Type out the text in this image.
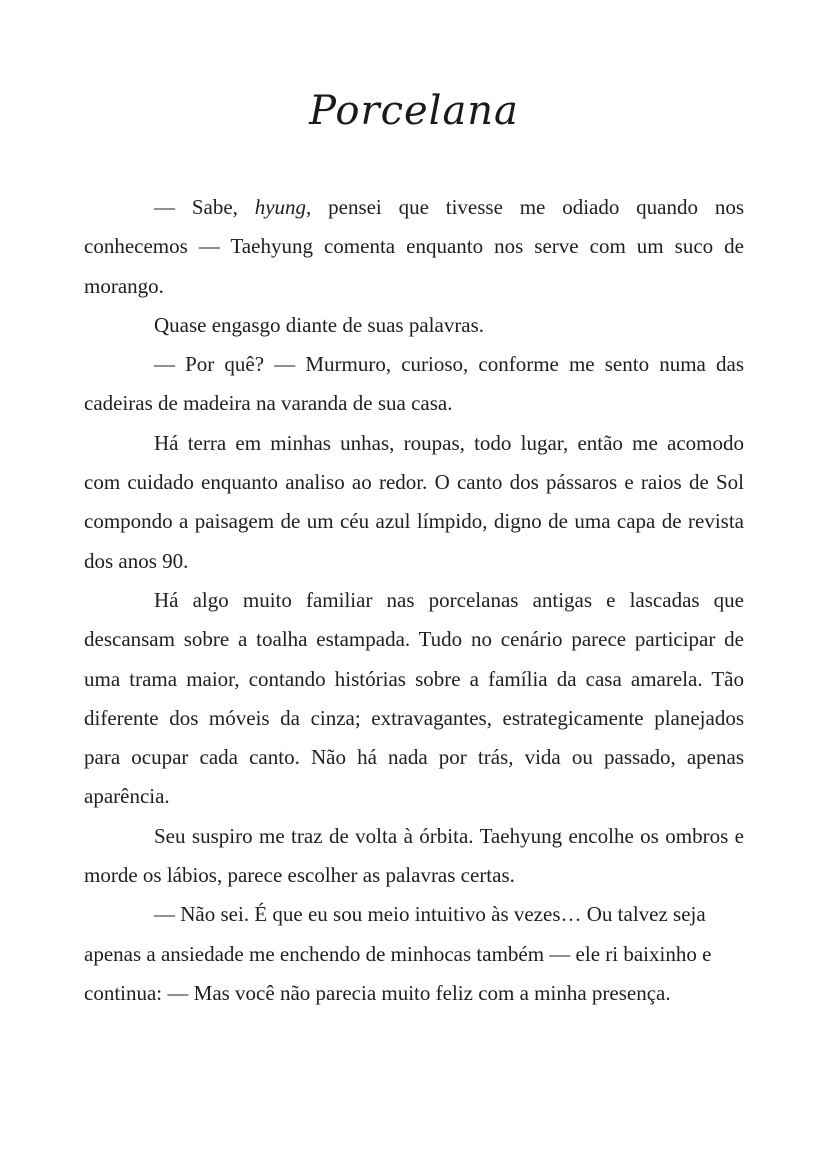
Porcelana

— Sabe, hyung, pensei que tivesse me odiado quando nos conhecemos — Taehyung comenta enquanto nos serve com um suco de morango.

Quase engasgo diante de suas palavras.

— Por quê? — Murmuro, curioso, conforme me sento numa das cadeiras de madeira na varanda de sua casa.

Há terra em minhas unhas, roupas, todo lugar, então me acomodo com cuidado enquanto analiso ao redor. O canto dos pássaros e raios de Sol compondo a paisagem de um céu azul límpido, digno de uma capa de revista dos anos 90.

Há algo muito familiar nas porcelanas antigas e lascadas que descansam sobre a toalha estampada. Tudo no cenário parece participar de uma trama maior, contando histórias sobre a família da casa amarela. Tão diferente dos móveis da cinza; extravagantes, estrategicamente planejados para ocupar cada canto. Não há nada por trás, vida ou passado, apenas aparência.

Seu suspiro me traz de volta à órbita. Taehyung encolhe os ombros e morde os lábios, parece escolher as palavras certas.

— Não sei. É que eu sou meio intuitivo às vezes… Ou talvez seja apenas a ansiedade me enchendo de minhocas também — ele ri baixinho e continua: — Mas você não parecia muito feliz com a minha presença.
